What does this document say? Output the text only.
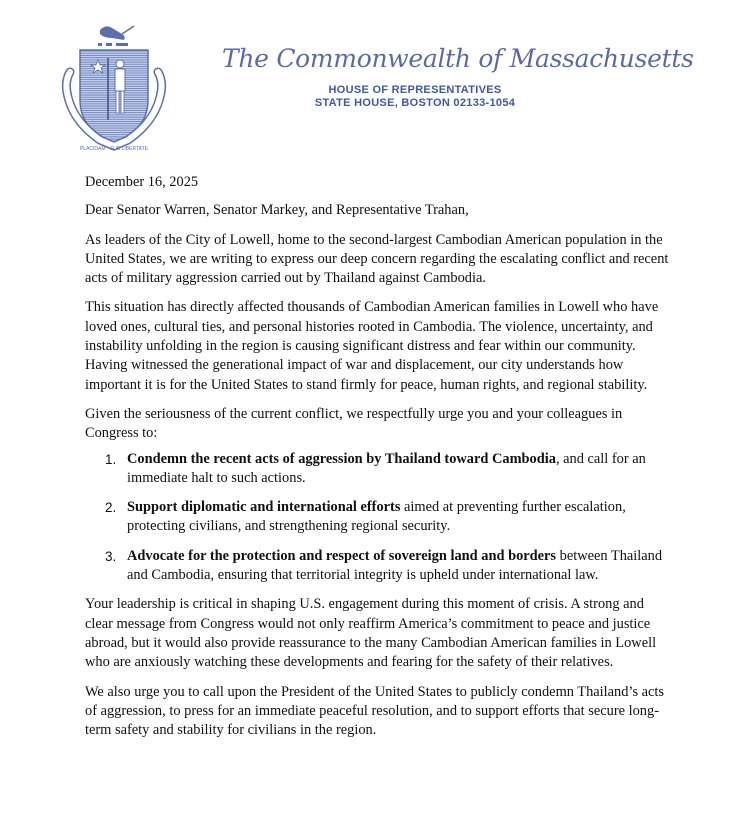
PLACIDAM · SUB LIBERTATE
The Commonwealth of Massachusetts
HOUSE OF REPRESENTATIVES
STATE HOUSE, BOSTON 02133-1054

December 16, 2025

Dear Senator Warren, Senator Markey, and Representative Trahan,

As leaders of the City of Lowell, home to the second-largest Cambodian American population in the United States, we are writing to express our deep concern regarding the escalating conflict and recent acts of military aggression carried out by Thailand against Cambodia.

This situation has directly affected thousands of Cambodian American families in Lowell who have loved ones, cultural ties, and personal histories rooted in Cambodia. The violence, uncertainty, and instability unfolding in the region is causing significant distress and fear within our community. Having witnessed the generational impact of war and displacement, our city understands how important it is for the United States to stand firmly for peace, human rights, and regional stability.

Given the seriousness of the current conflict, we respectfully urge you and your colleagues in Congress to:

1. Condemn the recent acts of aggression by Thailand toward Cambodia, and call for an immediate halt to such actions.
2. Support diplomatic and international efforts aimed at preventing further escalation, protecting civilians, and strengthening regional security.
3. Advocate for the protection and respect of sovereign land and borders between Thailand and Cambodia, ensuring that territorial integrity is upheld under international law.

Your leadership is critical in shaping U.S. engagement during this moment of crisis. A strong and clear message from Congress would not only reaffirm America’s commitment to peace and justice abroad, but it would also provide reassurance to the many Cambodian American families in Lowell who are anxiously watching these developments and fearing for the safety of their relatives.

We also urge you to call upon the President of the United States to publicly condemn Thailand’s acts of aggression, to press for an immediate peaceful resolution, and to support efforts that secure long-term safety and stability for civilians in the region.
